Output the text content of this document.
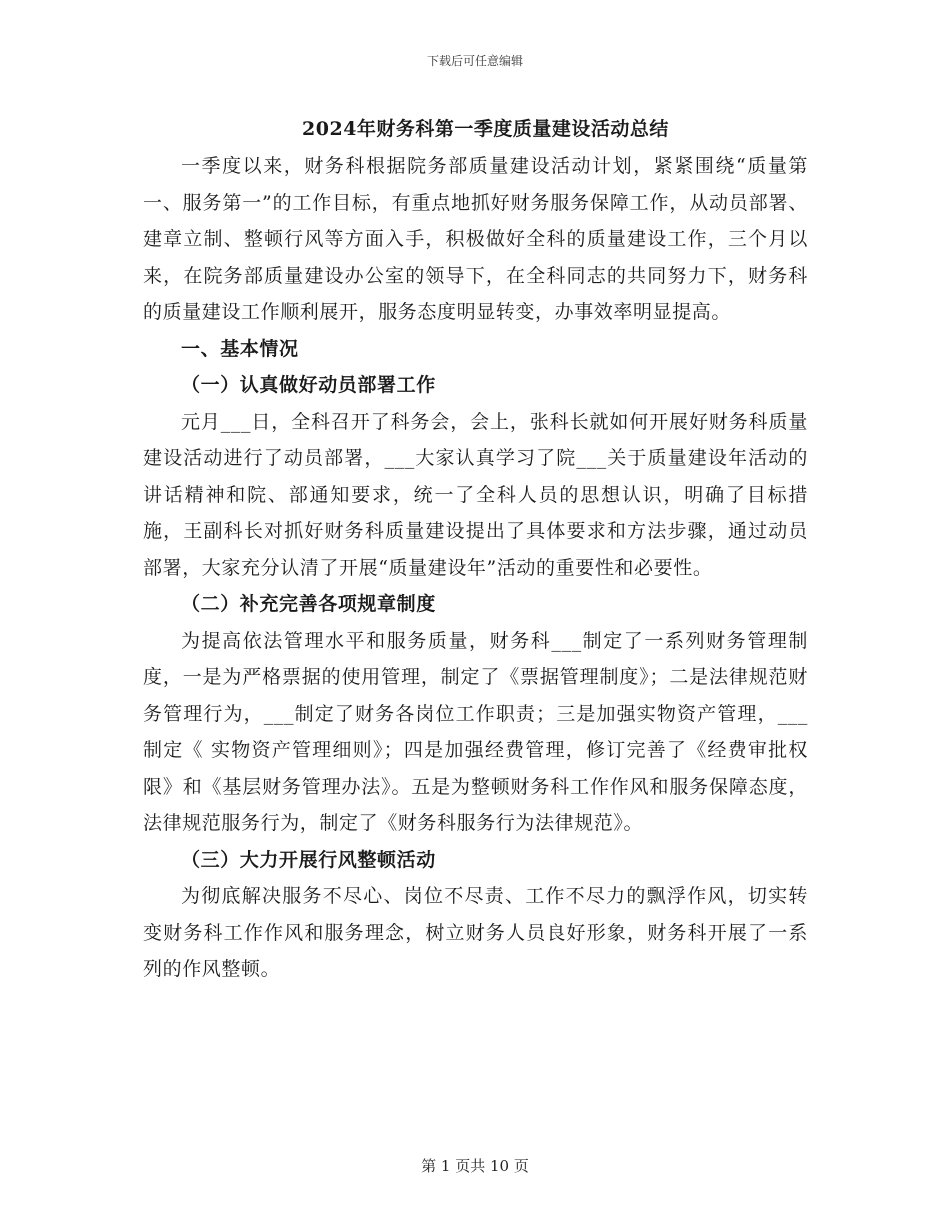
下载后可任意编辑
2024年财务科第一季度质量建设活动总结

一季度以来，财务科根据院务部质量建设活动计划，紧紧围绕“质量第一、服务第一”的工作目标，有重点地抓好财务服务保障工作，从动员部署、建章立制、整顿行风等方面入手，积极做好全科的质量建设工作，三个月以来，在院务部质量建设办公室的领导下，在全科同志的共同努力下，财务科的质量建设工作顺利展开，服务态度明显转变，办事效率明显提高。

一、基本情况

（一）认真做好动员部署工作

元月___日，全科召开了科务会，会上，张科长就如何开展好财务科质量建设活动进行了动员部署，___大家认真学习了院___关于质量建设年活动的讲话精神和院、部通知要求，统一了全科人员的思想认识，明确了目标措施，王副科长对抓好财务科质量建设提出了具体要求和方法步骤，通过动员部署，大家充分认清了开展“质量建设年”活动的重要性和必要性。

（二）补充完善各项规章制度

为提高依法管理水平和服务质量，财务科___制定了一系列财务管理制度，一是为严格票据的使用管理，制定了《票据管理制度》；二是法律规范财务管理行为，___制定了财务各岗位工作职责；三是加强实物资产管理，___制定《 实物资产管理细则》；四是加强经费管理，修订完善了《经费审批权限》和《基层财务管理办法》。五是为整顿财务科工作作风和服务保障态度，法律规范服务行为，制定了《财务科服务行为法律规范》。

（三）大力开展行风整顿活动

为彻底解决服务不尽心、岗位不尽责、工作不尽力的飘浮作风，切实转变财务科工作作风和服务理念，树立财务人员良好形象，财务科开展了一系列的作风整顿。

第 1 页共 10 页
